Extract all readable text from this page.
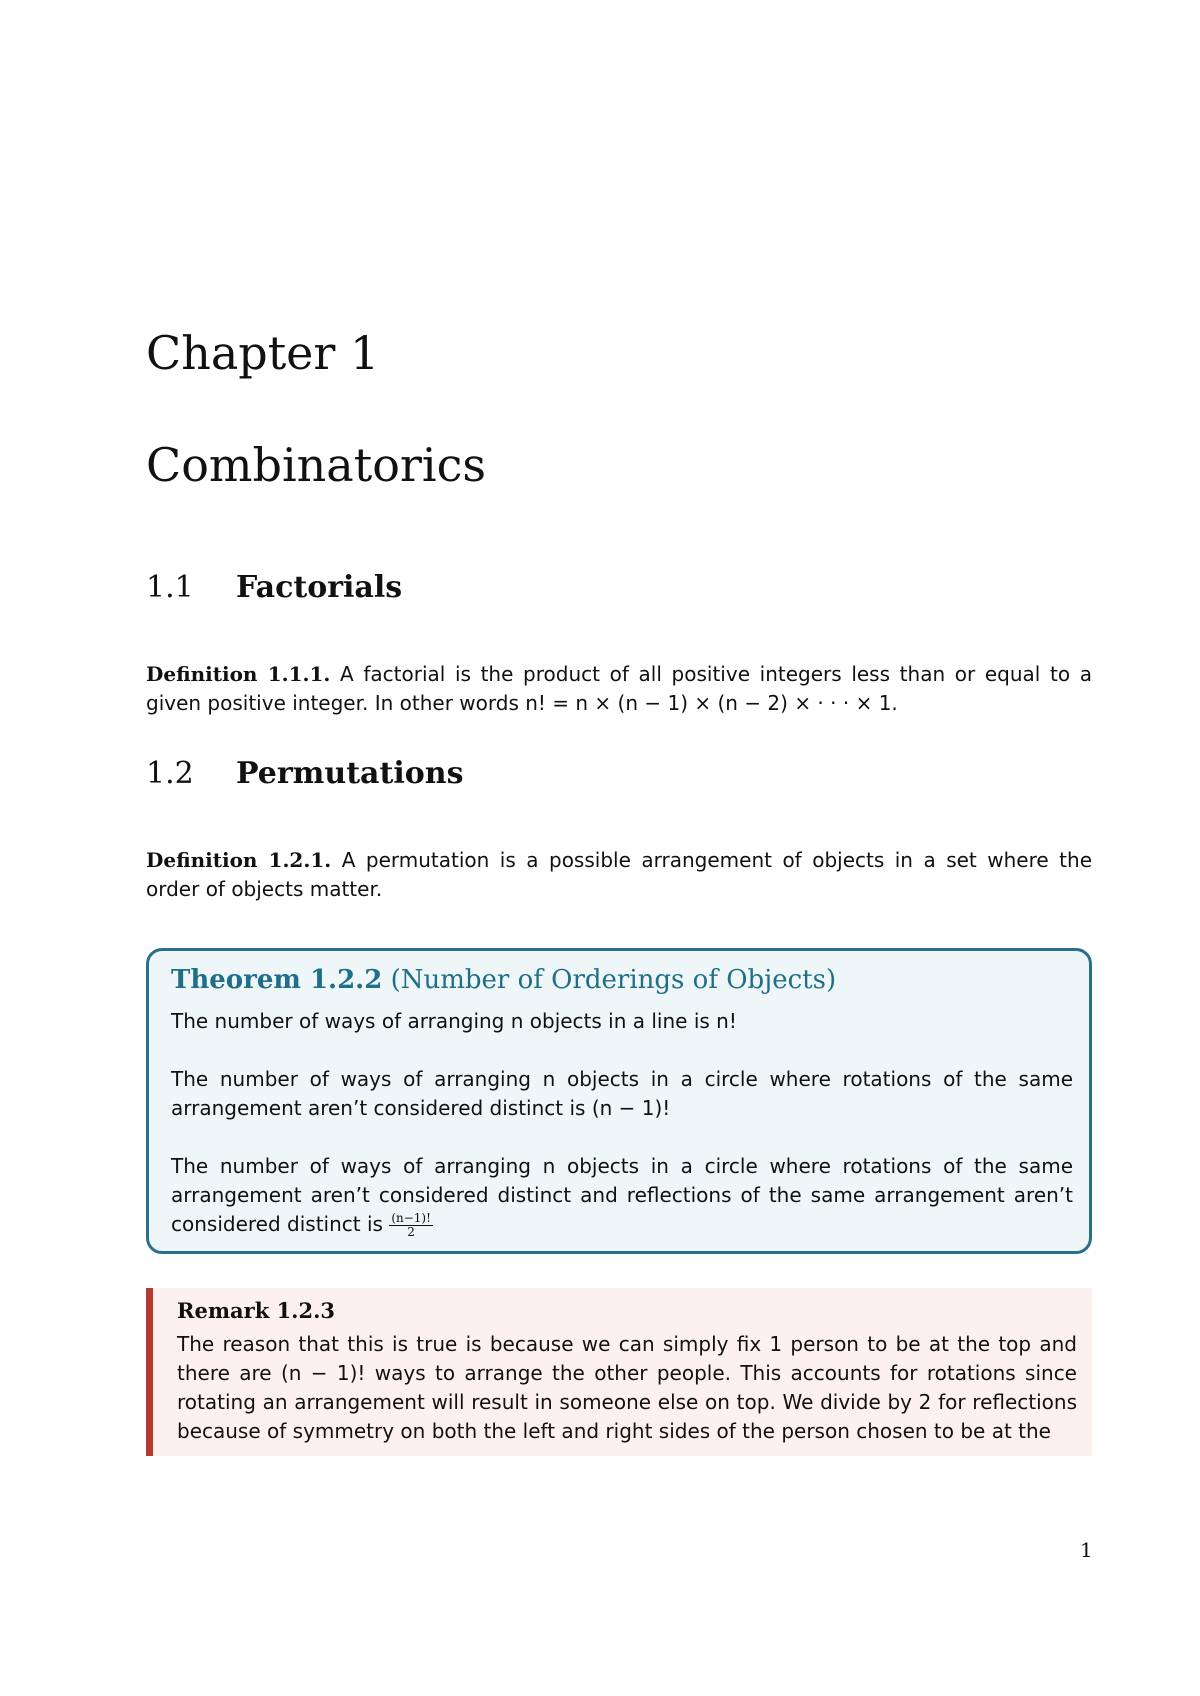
Chapter 1
Combinatorics
1.1 Factorials
Definition 1.1.1. A factorial is the product of all positive integers less than or equal to a given positive integer. In other words n! = n × (n − 1) × (n − 2) × · · · × 1.
1.2 Permutations
Definition 1.2.1. A permutation is a possible arrangement of objects in a set where the order of objects matter.
Theorem 1.2.2 (Number of Orderings of Objects)

The number of ways of arranging n objects in a line is n!

The number of ways of arranging n objects in a circle where rotations of the same arrangement aren’t considered distinct is (n − 1)!

The number of ways of arranging n objects in a circle where rotations of the same arrangement aren’t considered distinct and reflections of the same arrangement aren’t considered distinct is $\frac{(n-1)!}{2}$

Remark 1.2.3
The reason that this is true is because we can simply fix 1 person to be at the top and there are (n − 1)! ways to arrange the other people. This accounts for rotations since rotating an arrangement will result in someone else on top. We divide by 2 for reflections because of symmetry on both the left and right sides of the person chosen to be at the
1
